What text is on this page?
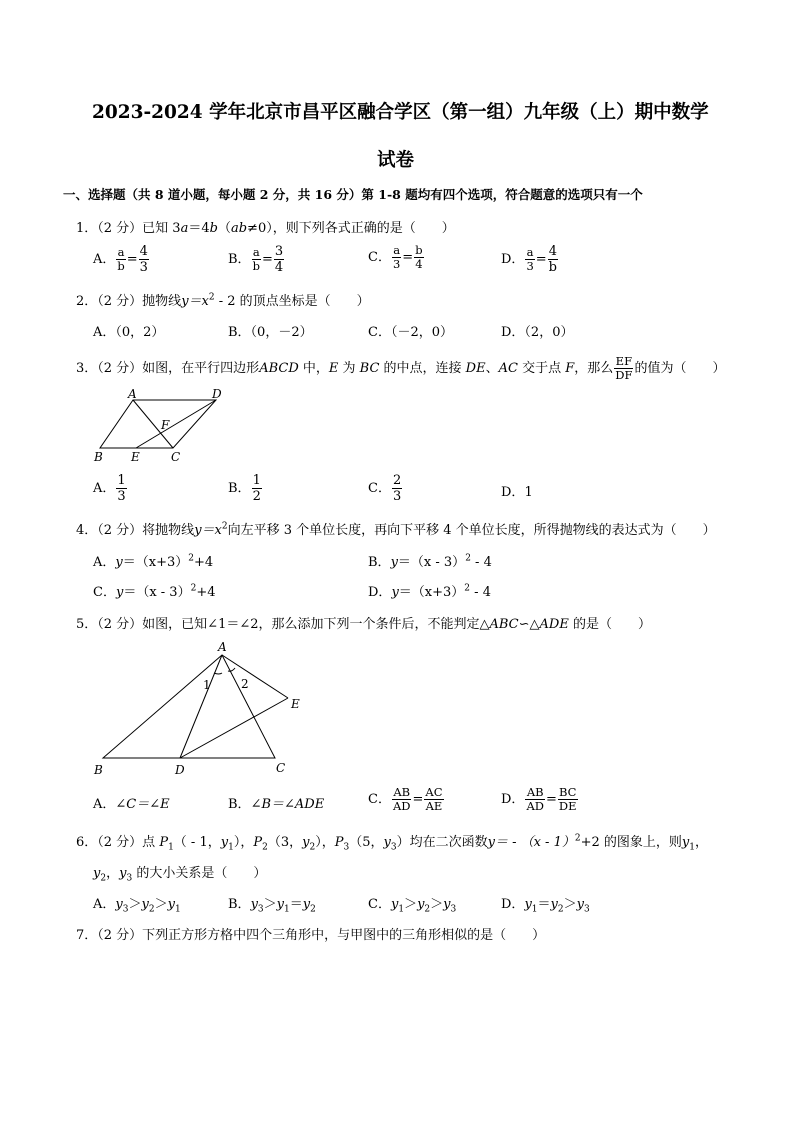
2023-2024 学年北京市昌平区融合学区（第一组）九年级（上）期中数学
试卷
一、选择题（共 8 道小题，每小题 2 分，共 16 分）第 1-8 题均有四个选项，符合题意的选项只有一个
1．（2 分）已知 3a＝4b（ab≠0），则下列各式正确的是（　　）
A． $\frac{a}{b} = \frac{4}{3}$	B． $\frac{a}{b} = \frac{3}{4}$	C． $\frac{a}{3} = \frac{b}{4}$	D． $\frac{a}{3} = \frac{4}{b}$
2．（2 分）抛物线$y=x^2 - 2$ 的顶点坐标是（　　）
A．（0，2）	B．（0，－2）	C．（－2，0）	D．（2，0）
3．（2 分）如图，在平行四边形ABCD 中，E 为 BC 的中点，连接 DE、AC 交于点 F，那么 $\frac{EF}{DF}$ 的值为（　　）
A	D
F
B E	C
A． $\frac{1}{3}$	B． $\frac{1}{2}$	C． $\frac{2}{3}$	D．1
4．（2 分）将抛物线$y=x^2$向左平移 3 个单位长度，再向下平移 4 个单位长度，所得抛物线的表达式为（　　）
A．$y=(x+3)^2+4$	B．y＝（x - 3）$^2$ - 4
C．y＝（x - 3）$^2$+4	D．$y=(x+3)^2 - 4$
5．（2 分）如图，已知∠1＝∠2，那么添加下列一个条件后，不能判定△ABC∽△ADE 的是（　　）
A
1	2
E
B	D	C
A．∠C＝∠E	B．∠B＝∠ADE	C． $\frac{AB}{AD} = \frac{AC}{AE}$	D． $\frac{AB}{AD} = \frac{BC}{DE}$
6．（2 分）点 $P_1( - 1$，$y_1$），$P_2(3$，$y_2$），$P_3(5$，$y_3$）均在二次函数y＝ - （x - 1）$^2$+2 的图象上，则$y_1$，
$y_2$，$y_3$ 的大小关系是（　　）
A．$y_3>y_2>y_1$	B．$y_3>y_1=y_2$	C．$y_1>y_2>y_3$	D．$y_1=y_2>y_3$
7．（2 分）下列正方形方格中四个三角形中，与甲图中的三角形相似的是（　　）
